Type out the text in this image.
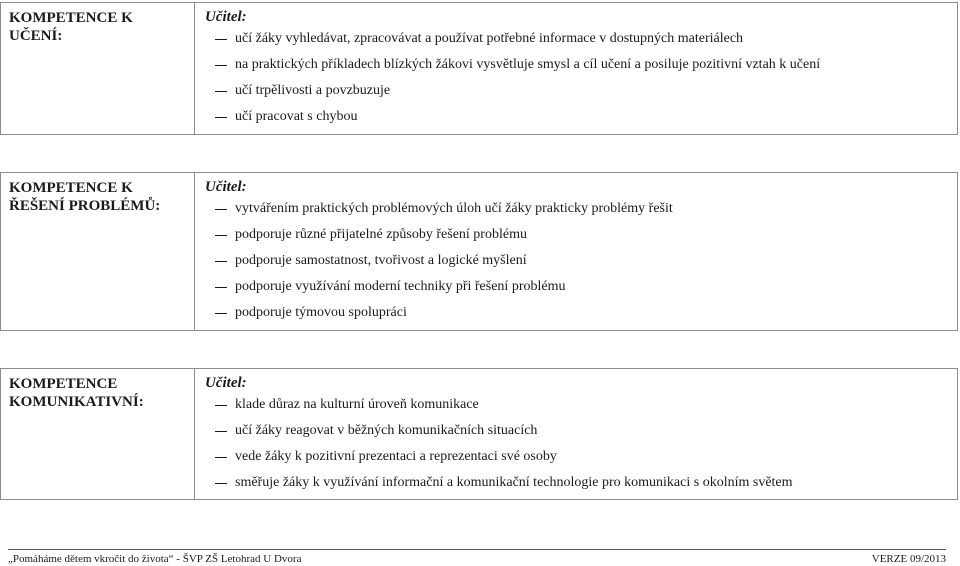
KOMPETENCE K UČENÍ:
Učitel:
učí žáky vyhledávat, zpracovávat a používat potřebné informace v dostupných materiálech
na praktických příkladech blízkých žákovi vysvětluje smysl a cíl učení a posiluje pozitivní vztah k učení
učí trpělivosti a povzbuzuje
učí pracovat s chybou
KOMPETENCE K ŘEŠENÍ PROBLÉMŮ:
Učitel:
vytvářením praktických problémových úloh učí žáky prakticky problémy řešit
podporuje různé přijatelné způsoby řešení problému
podporuje samostatnost, tvořivost a logické myšlení
podporuje využívání moderní techniky při řešení problému
podporuje týmovou spolupráci
KOMPETENCE KOMUNIKATIVNÍ:
Učitel:
klade důraz na kulturní úroveň komunikace
učí žáky reagovat v běžných komunikačních situacích
vede žáky k pozitivní prezentaci a reprezentaci své osoby
směřuje žáky k využívání informační a komunikační technologie pro komunikaci s okolním světem
„Pomáháme dětem vkročit do života“ - ŠVP ZŠ Letohrad U Dvora	VERZE 09/2013
